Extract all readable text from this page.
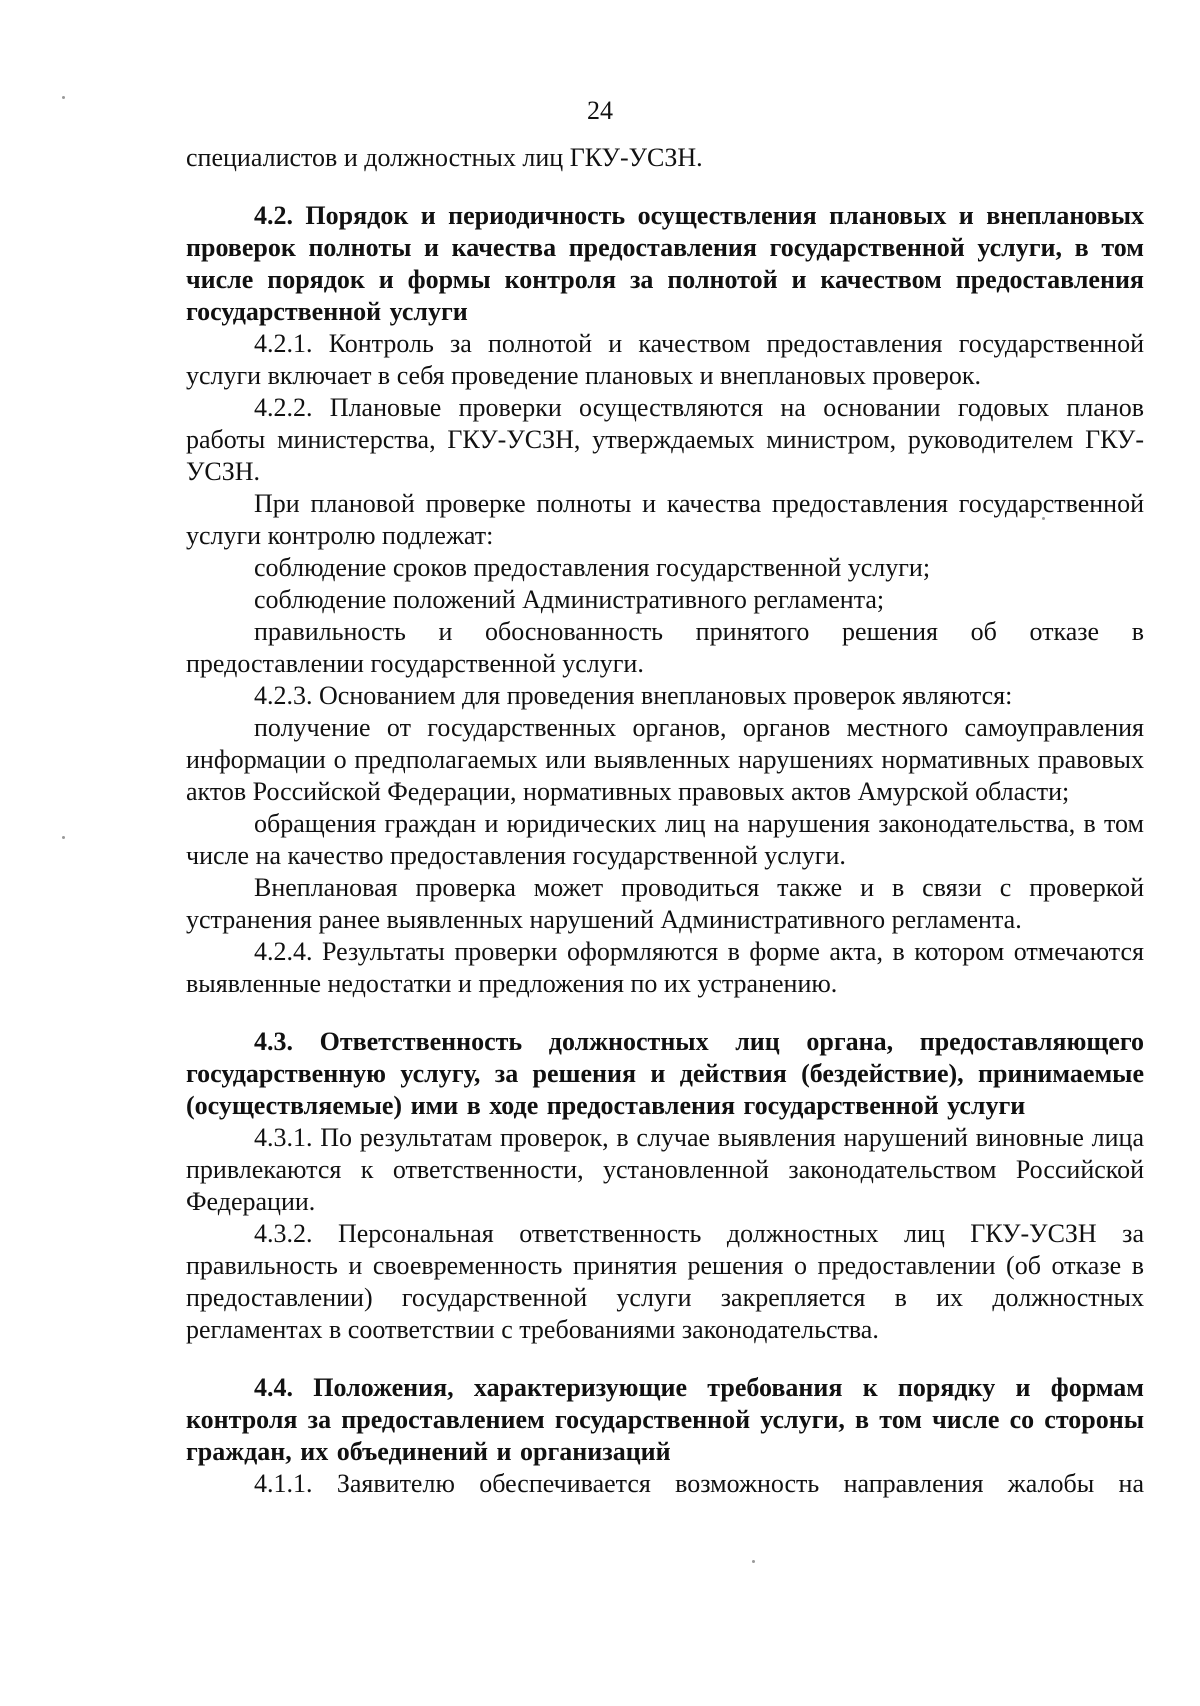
24

специалистов и должностных лиц ГКУ-УСЗН.

4.2. Порядок и периодичность осуществления плановых и внеплановых проверок полноты и качества предоставления государственной услуги, в том числе порядок и формы контроля за полнотой и качеством предоставления государственной услуги

4.2.1. Контроль за полнотой и качеством предоставления государственной услуги включает в себя проведение плановых и внеплановых проверок.

4.2.2. Плановые проверки осуществляются на основании годовых планов работы министерства, ГКУ-УСЗН, утверждаемых министром, руководителем ГКУ-УСЗН.

При плановой проверке полноты и качества предоставления государственной услуги контролю подлежат:

соблюдение сроков предоставления государственной услуги;

соблюдение положений Административного регламента;

правильность и обоснованность принятого решения об отказе в предоставлении государственной услуги.

4.2.3. Основанием для проведения внеплановых проверок являются:

получение от государственных органов, органов местного самоуправления информации о предполагаемых или выявленных нарушениях нормативных правовых актов Российской Федерации, нормативных правовых актов Амурской области;

обращения граждан и юридических лиц на нарушения законодательства, в том числе на качество предоставления государственной услуги.

Внеплановая проверка может проводиться также и в связи с проверкой устранения ранее выявленных нарушений Административного регламента.

4.2.4. Результаты проверки оформляются в форме акта, в котором отмечаются выявленные недостатки и предложения по их устранению.

4.3. Ответственность должностных лиц органа, предоставляющего государственную услугу, за решения и действия (бездействие), принимаемые (осуществляемые) ими в ходе предоставления государственной услуги

4.3.1. По результатам проверок, в случае выявления нарушений виновные лица привлекаются к ответственности, установленной законодательством Российской Федерации.

4.3.2. Персональная ответственность должностных лиц ГКУ-УСЗН за правильность и своевременность принятия решения о предоставлении (об отказе в предоставлении) государственной услуги закрепляется в их должностных регламентах в соответствии с требованиями законодательства.

4.4. Положения, характеризующие требования к порядку и формам контроля за предоставлением государственной услуги, в том числе со стороны граждан, их объединений и организаций

4.1.1. Заявителю обеспечивается возможность направления жалобы на
